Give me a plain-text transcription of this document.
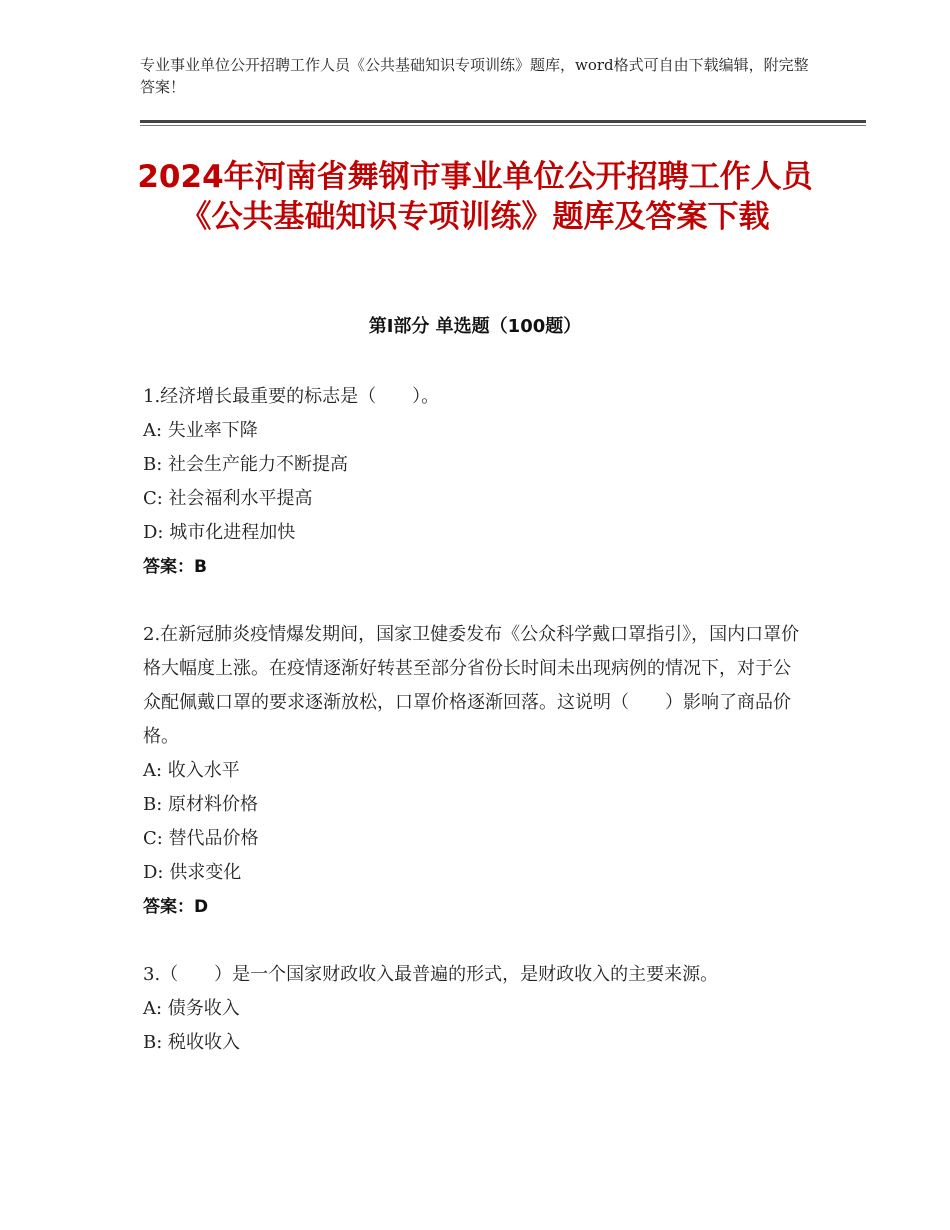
专业事业单位公开招聘工作人员《公共基础知识专项训练》题库，word格式可自由下载编辑，附完整答案！
2024年河南省舞钢市事业单位公开招聘工作人员《公共基础知识专项训练》题库及答案下载
第I部分 单选题（100题）

1.经济增长最重要的标志是（　　）。

A: 失业率下降

B: 社会生产能力不断提高

C: 社会福利水平提高

D: 城市化进程加快

答案：B

2.在新冠肺炎疫情爆发期间，国家卫健委发布《公众科学戴口罩指引》，国内口罩价格大幅度上涨。在疫情逐渐好转甚至部分省份长时间未出现病例的情况下，对于公众配佩戴口罩的要求逐渐放松，口罩价格逐渐回落。这说明（　　）影响了商品价格。

A: 收入水平

B: 原材料价格

C: 替代品价格

D: 供求变化

答案：D

3.（　　）是一个国家财政收入最普遍的形式，是财政收入的主要来源。

A: 债务收入

B: 税收收入
